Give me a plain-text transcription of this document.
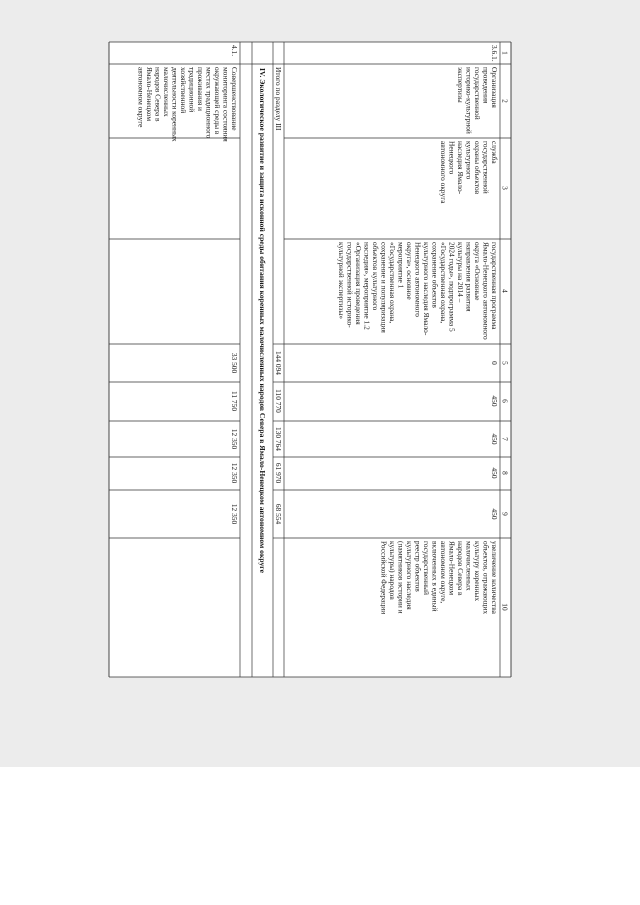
1
2
3
4
5
6
7
8
9
10
3.6.1.
Организация
проведения
государственной
историко-культурной
экспертизы
служба
государственной
охраны объектов
культурного
наследия Ямало-
Ненецкого
автономного округа
государственная программа
Ямало-Ненецкого автономного
округа «Основные
направления развития
культуры на 2014 –
2024 годы», подпрограмма 5
«Государственная охрана,
сохранение объектов
культурного наследия Ямало-
Ненецкого автономного
округа», основное
мероприятие 1
«Государственная охрана,
сохранение и популяризация
объектов культурного
наследия», мероприятие 1.2
«Организация проведения
государственной историко-
культурной экспертизы»
0
450
450
450
450
увеличение количества
объектов, отражающих
культуру коренных
малочисленных
народов Севера в
Ямало-Ненецком
автономном округе,
включенных в единый
государственный
реестр объектов
культурного наследия
(памятников истории и
культуры) народов
Российской Федерации
Итого по разделу III
144 094
110 770
130 764
61 970
68 554
IV. Экологическое развитие и защита исконной среды обитания коренных малочисленных народов Севера в Ямало-Ненецком автономном округе
4.1.
Совершенствование
мониторинга состояния
окружающей среды в
местах традиционного
проживания и
традиционной
хозяйственной
деятельности коренных
малочисленных
народов Севера в
Ямало-Ненецком
автономном округе
33 500
11 750
12 350
12 350
12 350
